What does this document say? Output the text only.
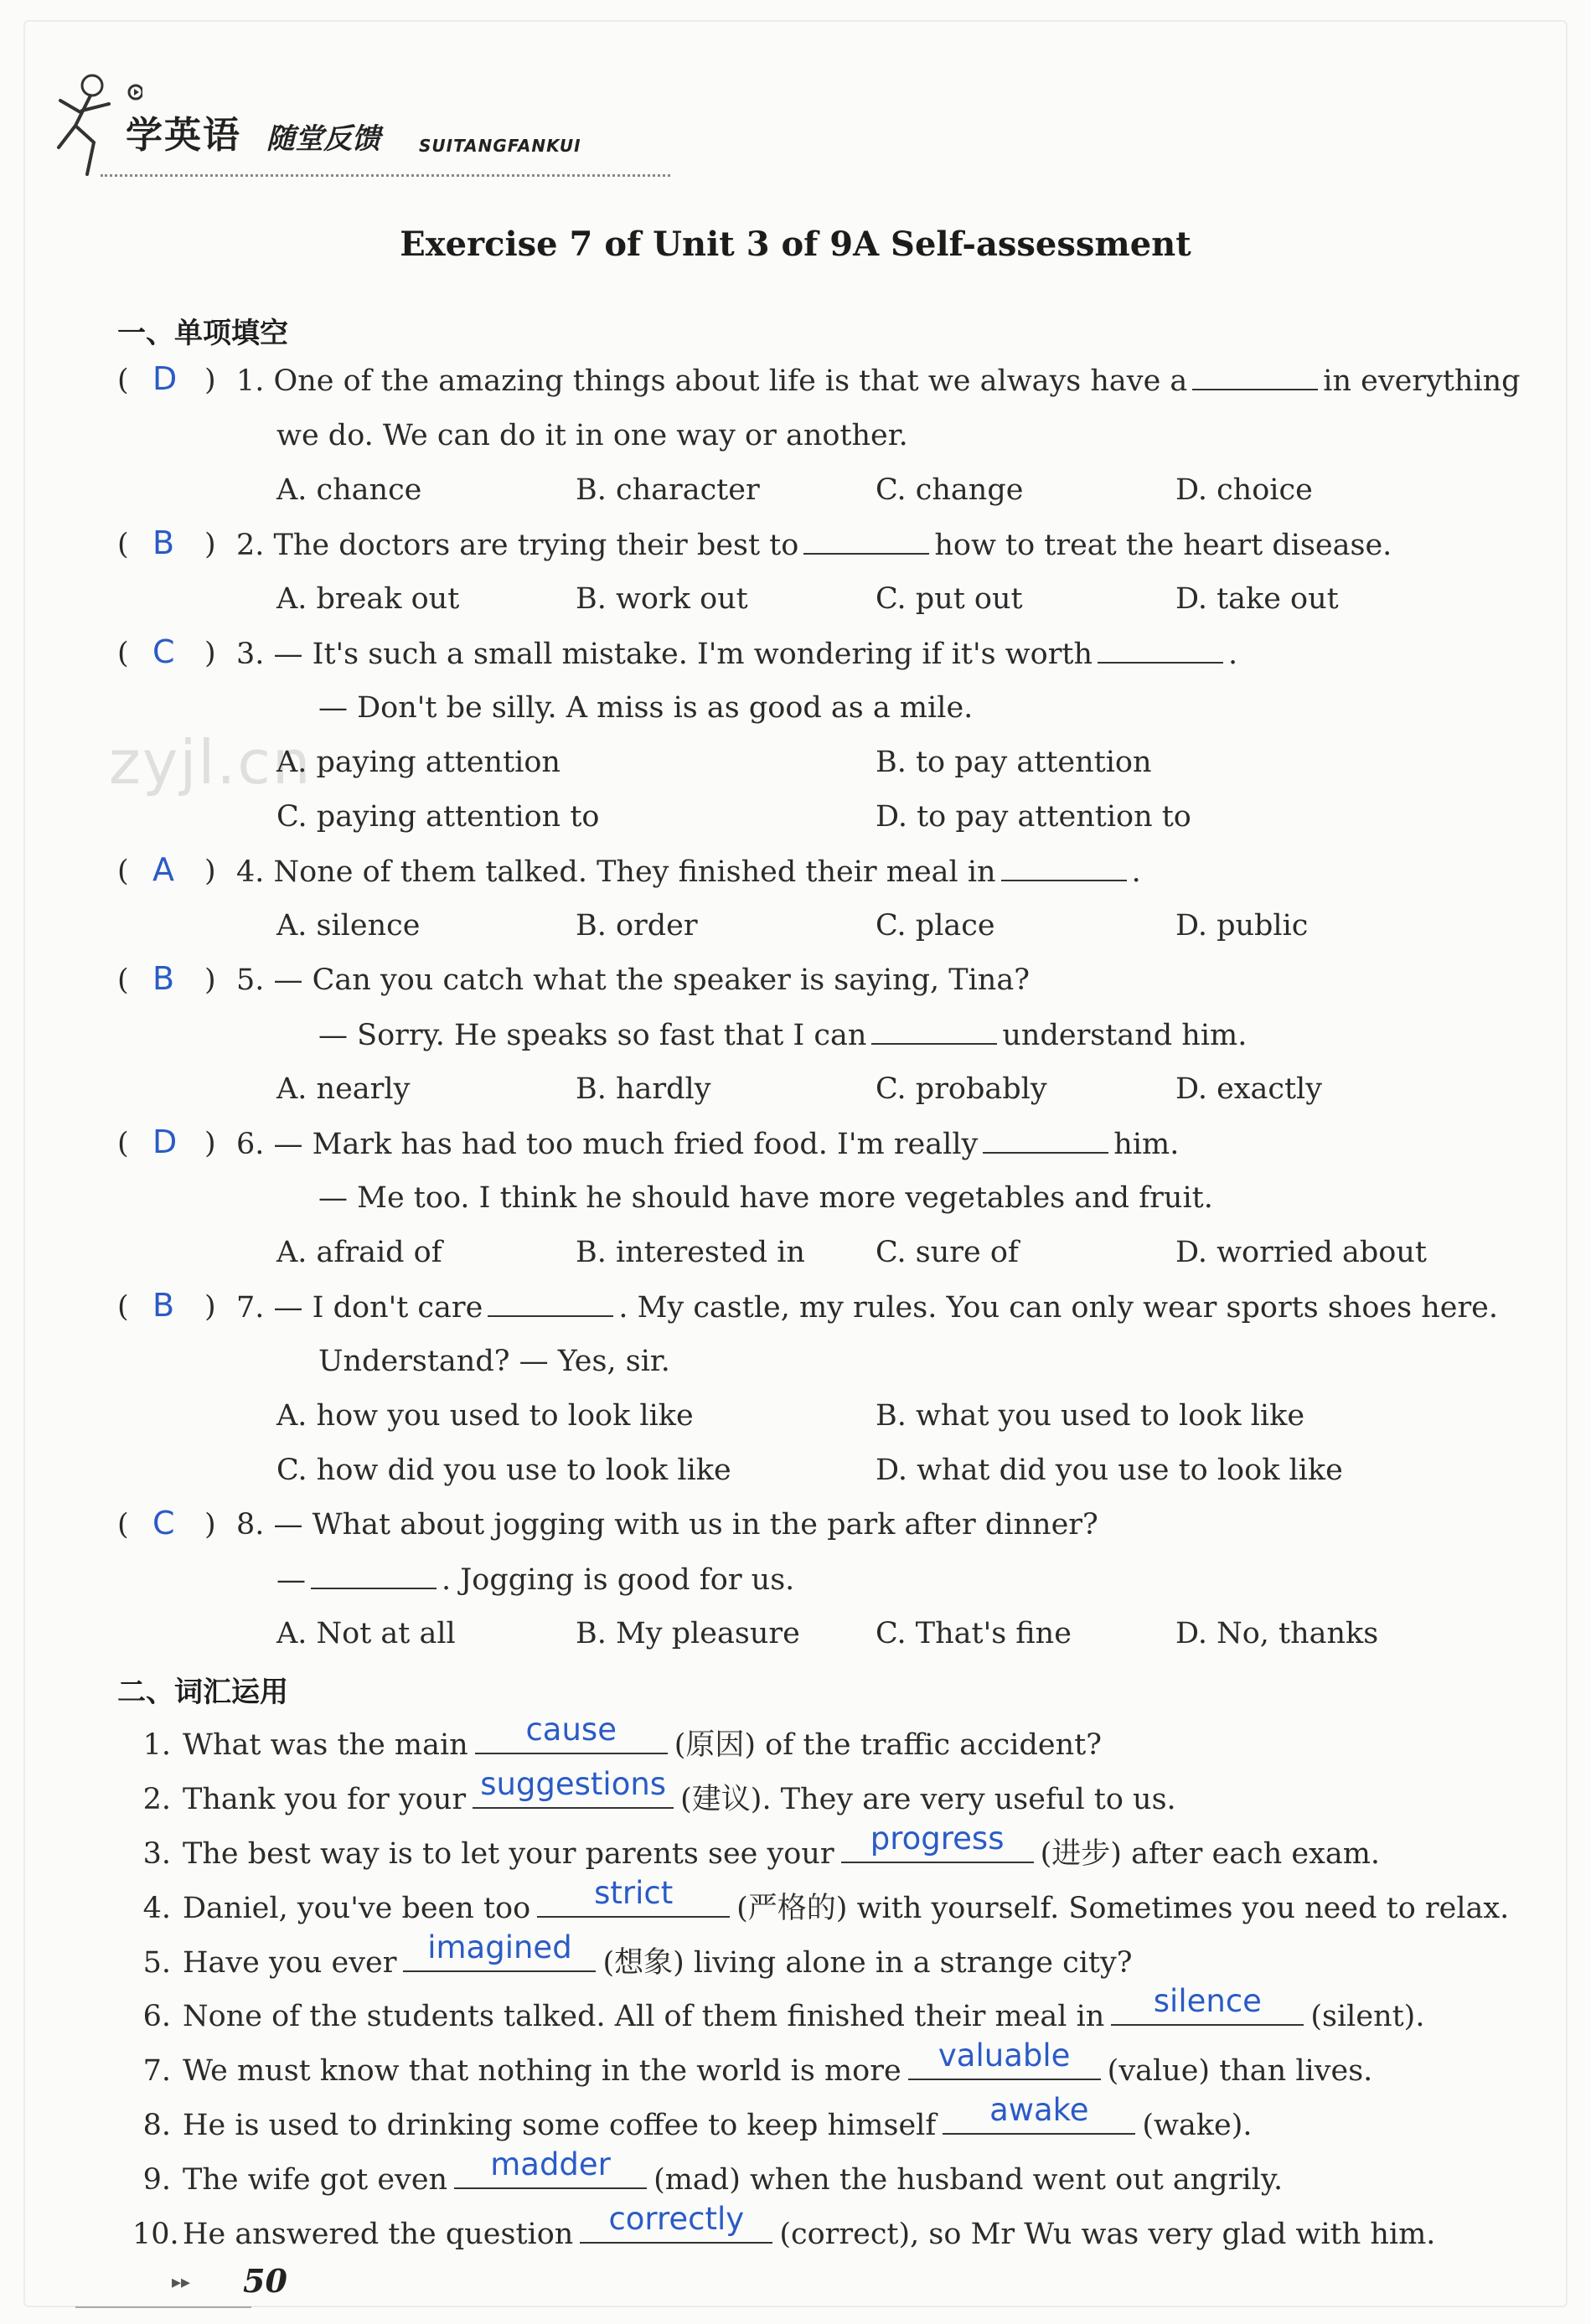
学英语 随堂反馈 SUITANGFANKUI
Exercise 7 of Unit 3 of 9A Self-assessment
zyjl.cn
一、单项填空
( D ) 1. One of the amazing things about life is that we always have a	in everything
we do. We can do it in one way or another.
A. chance	B. character	C. change	D. choice
( B ) 2. The doctors are trying their best to	how to treat the heart disease.
A. break out	B. work out	C. put out	D. take out
( C ) 3. — It's such a small mistake. I'm wondering if it's worth	.
— Don't be silly. A miss is as good as a mile.
A. paying attention	B. to pay attention
C. paying attention to	D. to pay attention to
( A ) 4. None of them talked. They finished their meal in	.
A. silence	B. order	C. place	D. public
( B ) 5. — Can you catch what the speaker is saying, Tina?
— Sorry. He speaks so fast that I can	understand him.
A. nearly	B. hardly	C. probably	D. exactly
( D ) 6. — Mark has had too much fried food. I'm really	him.
— Me too. I think he should have more vegetables and fruit.
A. afraid of	B. interested in C. sure of	D. worried about
( B ) 7. — I don't care	. My castle, my rules. You can only wear sports shoes here.
Understand? — Yes, sir.
A. how you used to look like	B. what you used to look like
C. how did you use to look like	D. what did you use to look like
( C ) 8. — What about jogging with us in the park after dinner?
—	. Jogging is good for us.
A. Not at all	B. My pleasure	C. That's fine	D. No, thanks
二、词汇运用
1. What was the main	cause	(原因) of the traffic accident?
2. Thank you for your suggestions (建议). They are very useful to us.
3. The best way is to let your parents see your	progress	(进步) after each exam.
4. Daniel, you've been too	strict	(严格的) with yourself. Sometimes you need to relax.
5. Have you ever imagined	(想象) living alone in a strange city?
6. None of the students talked. All of them finished their meal in	silence	(silent).
7. We must know that nothing in the world is more	valuable	(value) than lives.
8. He is used to drinking some coffee to keep himself	awake	(wake).
9. The wife got even	madder	(mad) when the husband went out angrily.
10. He answered the question	correctly	(correct), so Mr Wu was very glad with him.
▸▸ 50
